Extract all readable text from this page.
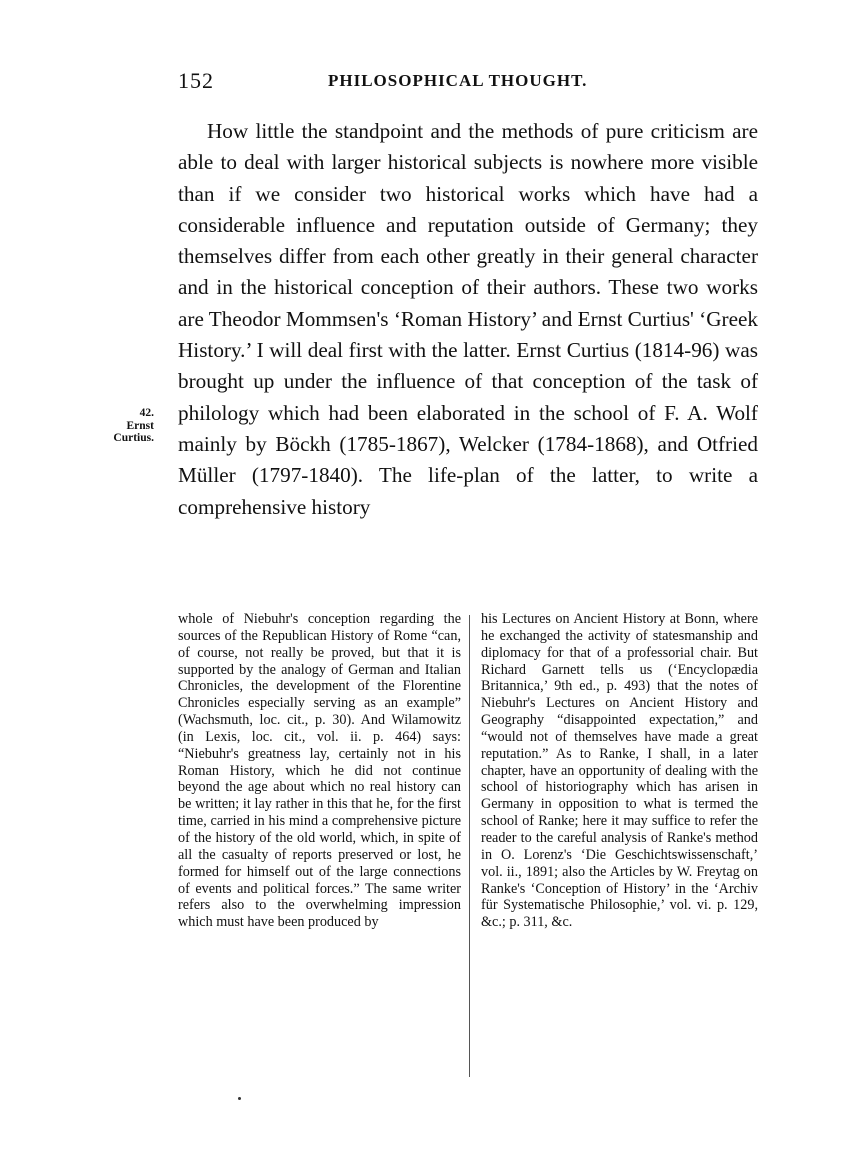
152	PHILOSOPHICAL THOUGHT.

How little the standpoint and the methods of pure criticism are able to deal with larger historical subjects is nowhere more visible than if we consider two historical works which have had a considerable influence and reputation outside of Germany; they themselves differ from each other greatly in their general character and in the historical conception of their authors. These two works are Theodor Mommsen's ‘Roman History’ and Ernst Curtius' ‘Greek History.’ I will deal first with the latter. Ernst Curtius (1814-96) was brought up under the influence of that conception of the task of philology which had been elaborated in the school of F. A. Wolf mainly by Böckh (1785-1867), Welcker (1784-1868), and Otfried Müller (1797-1840). The life-plan of the latter, to write a comprehensive history

42.
Ernst
Curtius.

whole of Niebuhr's conception regarding the sources of the Republican History of Rome “can, of course, not really be proved, but that it is supported by the analogy of German and Italian Chronicles, the development of the Florentine Chronicles especially serving as an example” (Wachsmuth, loc. cit., p. 30). And Wilamowitz (in Lexis, loc. cit., vol. ii. p. 464) says: “Niebuhr's greatness lay, certainly not in his Roman History, which he did not continue beyond the age about which no real history can be written; it lay rather in this that he, for the first time, carried in his mind a comprehensive picture of the history of the old world, which, in spite of all the casualty of reports preserved or lost, he formed for himself out of the large connections of events and political forces.” The same writer refers also to the overwhelming impression which must have been produced by

his Lectures on Ancient History at Bonn, where he exchanged the activity of statesmanship and diplomacy for that of a professorial chair. But Richard Garnett tells us (‘Encyclopædia Britannica,’ 9th ed., p. 493) that the notes of Niebuhr's Lectures on Ancient History and Geography “disappointed expectation,” and “would not of themselves have made a great reputation.” As to Ranke, I shall, in a later chapter, have an opportunity of dealing with the school of historiography which has arisen in Germany in opposition to what is termed the school of Ranke; here it may suffice to refer the reader to the careful analysis of Ranke's method in O. Lorenz's ‘Die Geschichtswissenschaft,’ vol. ii., 1891; also the Articles by W. Freytag on Ranke's ‘Conception of History’ in the ‘Archiv für Systematische Philosophie,’ vol. vi. p. 129, &c.; p. 311, &c.
